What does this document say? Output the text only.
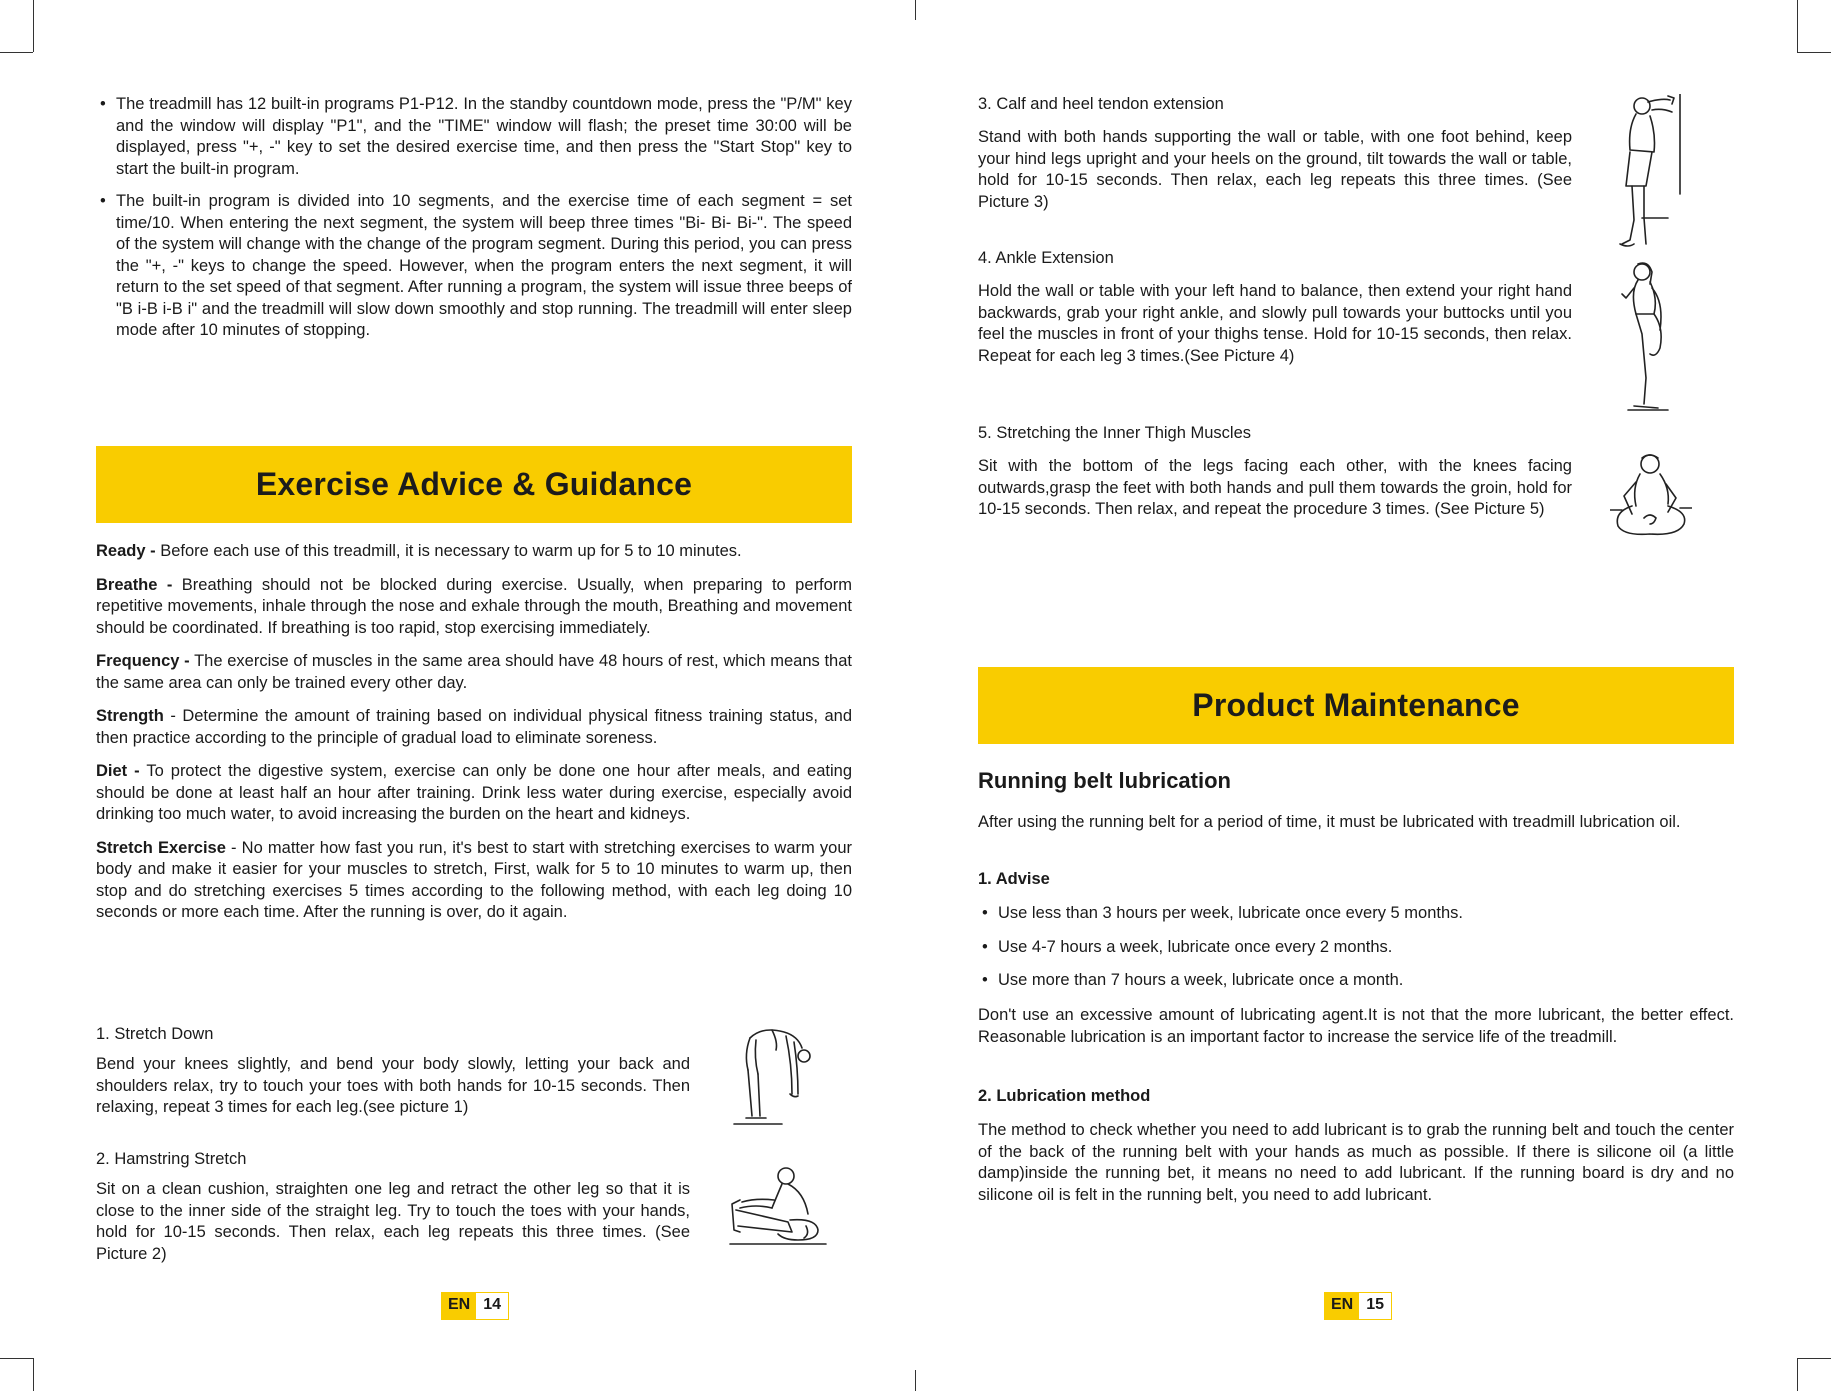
• The treadmill has 12 built-in programs P1-P12. In the standby countdown mode, press the "P/M" key and the window will display "P1", and the "TIME" window will flash; the preset time 30:00 will be displayed, press "+, -" key to set the desired exercise time, and then press the "Start Stop" key to start the built-in program.
• The built-in program is divided into 10 segments, and the exercise time of each segment = set time/10. When entering the next segment, the system will beep three times "Bi- Bi- Bi-". The speed of the system will change with the change of the program segment. During this period, you can press the "+, -" keys to change the speed. However, when the program enters the next segment, it will return to the set speed of that segment. After running a program, the system will issue three beeps of "B i-B i-B i" and the treadmill will slow down smoothly and stop running. The treadmill will enter sleep mode after 10 minutes of stopping.
Exercise Advice & Guidance

Ready - Before each use of this treadmill, it is necessary to warm up for 5 to 10 minutes.

Breathe - Breathing should not be blocked during exercise. Usually, when preparing to perform repetitive movements, inhale through the nose and exhale through the mouth, Breathing and movement should be coordinated. If breathing is too rapid, stop exercising immediately.

Frequency - The exercise of muscles in the same area should have 48 hours of rest, which means that the same area can only be trained every other day.

Strength - Determine the amount of training based on individual physical fitness training status, and then practice according to the principle of gradual load to eliminate soreness.

Diet - To protect the digestive system, exercise can only be done one hour after meals, and eating should be done at least half an hour after training. Drink less water during exercise, especially avoid drinking too much water, to avoid increasing the burden on the heart and kidneys.

Stretch Exercise - No matter how fast you run, it's best to start with stretching exercises to warm your body and make it easier for your muscles to stretch, First, walk for 5 to 10 minutes to warm up, then stop and do stretching exercises 5 times according to the following method, with each leg doing 10 seconds or more each time. After the running is over, do it again.

1. Stretch Down

Bend your knees slightly, and bend your body slowly, letting your back and shoulders relax, try to touch your toes with both hands for 10-15 seconds. Then relaxing, repeat 3 times for each leg.(see picture 1)

2. Hamstring Stretch

Sit on a clean cushion, straighten one leg and retract the other leg so that it is close to the inner side of the straight leg. Try to touch the toes with your hands, hold for 10-15 seconds. Then relax, each leg repeats this three times. (See Picture 2)

EN 14
3. Calf and heel tendon extension

Stand with both hands supporting the wall or table, with one foot behind, keep your hind legs upright and your heels on the ground, tilt towards the wall or table, hold for 10-15 seconds. Then relax, each leg repeats this three times. (See Picture 3)

4. Ankle Extension

Hold the wall or table with your left hand to balance, then extend your right hand backwards, grab your right ankle, and slowly pull towards your buttocks until you feel the muscles in front of your thighs tense. Hold for 10-15 seconds, then relax. Repeat for each leg 3 times.(See Picture 4)

5. Stretching the Inner Thigh Muscles

Sit with the bottom of the legs facing each other, with the knees facing outwards,grasp the feet with both hands and pull them towards the groin, hold for 10-15 seconds. Then relax, and repeat the procedure 3 times. (See Picture 5)

Product Maintenance
Running belt lubrication

After using the running belt for a period of time, it must be lubricated with treadmill lubrication oil.

1. Advise
• Use less than 3 hours per week, lubricate once every 5 months.
• Use 4-7 hours a week, lubricate once every 2 months.
• Use more than 7 hours a week, lubricate once a month.

Don't use an excessive amount of lubricating agent.It is not that the more lubricant, the better effect. Reasonable lubrication is an important factor to increase the service life of the treadmill.

2. Lubrication method

The method to check whether you need to add lubricant is to grab the running belt and touch the center of the back of the running belt with your hands as much as possible. If there is silicone oil (a little damp)inside the running bet, it means no need to add lubricant. If the running board is dry and no silicone oil is felt in the running belt, you need to add lubricant.

EN 15
